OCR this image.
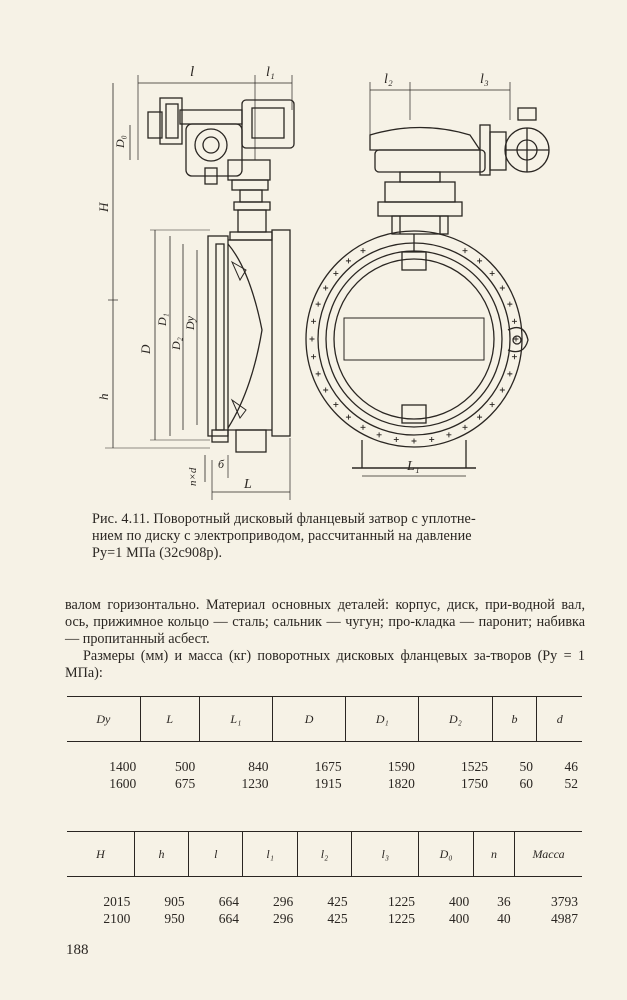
l	l₁	l₂	l₃
D₀
H
h
D
D₁
D₂
Dy
n×d
б
L
L₁
Рис. 4.11. Поворотный дисковый фланцевый затвор с уплотне-
нием по диску с электроприводом, рассчитанный на давление
Pу=1 МПа (32с908р).

валом горизонтально. Материал основных деталей: корпус, диск, при-водной вал, ось, прижимное кольцо — сталь; сальник — чугун; про-кладка — паронит; набивка — пропитанный асбест.

Размеры (мм) и масса (кг) поворотных дисковых фланцевых за-творов (Pу = 1 МПа):

Dу	L	L₁	D	D₁	D₂	b	d
1400	500	840	1675	1590	1525	50	46
1600	675	1230	1915	1820	1750	60	52
H	h	l	l₁	l₂	l₃	D₀	n	Масса
2015	905	664	296	425	1225	400	36	3793
2100	950	664	296	425	1225	400	40	4987
188
